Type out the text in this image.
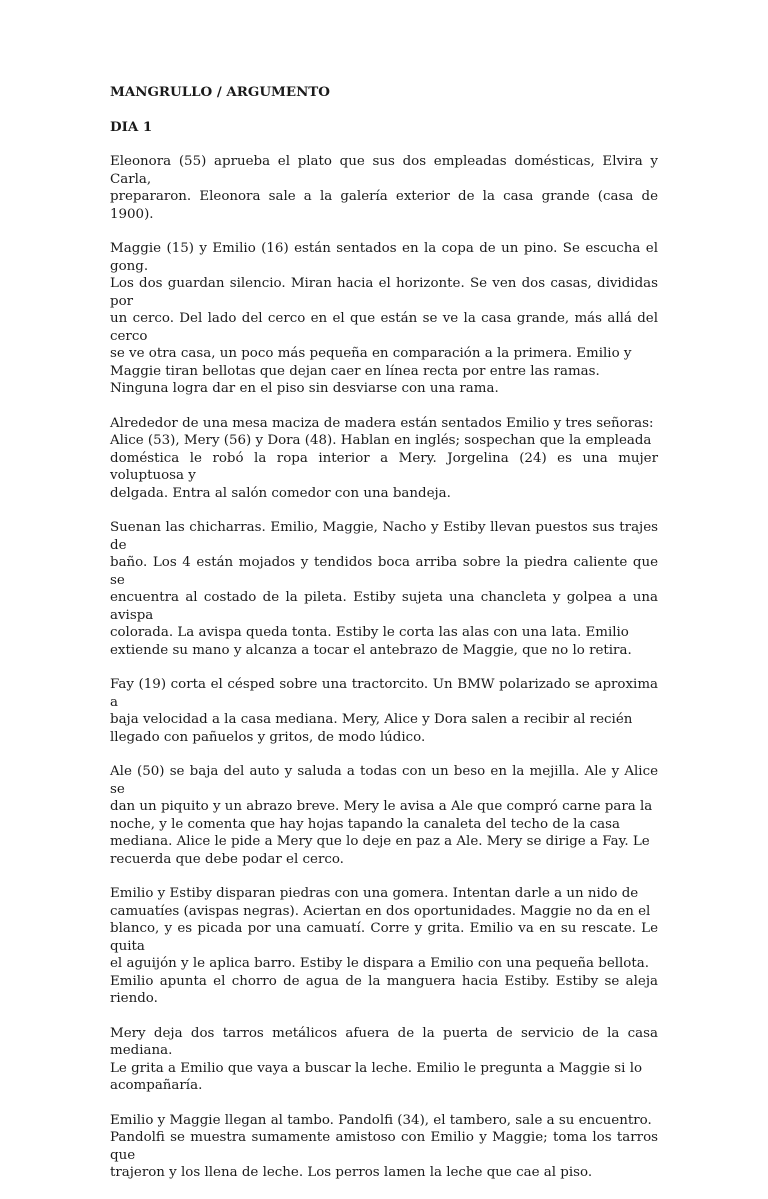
MANGRULLO / ARGUMENTO
DIA 1
Eleonora (55) aprueba el plato que sus dos empleadas domésticas, Elvira y Carla,
prepararon. Eleonora sale a la galería exterior de la casa grande (casa de 1900).
Maggie (15) y Emilio (16) están sentados en la copa de un pino. Se escucha el gong.
Los dos guardan silencio. Miran hacia el horizonte. Se ven dos casas, divididas por
un cerco. Del lado del cerco en el que están se ve la casa grande, más allá del cerco
se ve otra casa, un poco más pequeña en comparación a la primera. Emilio y
Maggie tiran bellotas que dejan caer en línea recta por entre las ramas.
Ninguna logra dar en el piso sin desviarse con una rama.
Alrededor de una mesa maciza de madera están sentados Emilio y tres señoras:
Alice (53), Mery (56) y Dora (48). Hablan en inglés; sospechan que la empleada
doméstica le robó la ropa interior a Mery. Jorgelina (24) es una mujer voluptuosa y
delgada. Entra al salón comedor con una bandeja.
Suenan las chicharras. Emilio, Maggie, Nacho y Estiby llevan puestos sus trajes de
baño. Los 4 están mojados y tendidos boca arriba sobre la piedra caliente que se
encuentra al costado de la pileta. Estiby sujeta una chancleta y golpea a una avispa
colorada. La avispa queda tonta. Estiby le corta las alas con una lata. Emilio
extiende su mano y alcanza a tocar el antebrazo de Maggie, que no lo retira.
Fay (19) corta el césped sobre una tractorcito. Un BMW polarizado se aproxima a
baja velocidad a la casa mediana. Mery, Alice y Dora salen a recibir al recién
llegado con pañuelos y gritos, de modo lúdico.
Ale (50) se baja del auto y saluda a todas con un beso en la mejilla. Ale y Alice se
dan un piquito y un abrazo breve. Mery le avisa a Ale que compró carne para la
noche, y le comenta que hay hojas tapando la canaleta del techo de la casa
mediana. Alice le pide a Mery que lo deje en paz a Ale. Mery se dirige a Fay. Le
recuerda que debe podar el cerco.
Emilio y Estiby disparan piedras con una gomera. Intentan darle a un nido de
camuatíes (avispas negras). Aciertan en dos oportunidades. Maggie no da en el
blanco, y es picada por una camuatí. Corre y grita. Emilio va en su rescate. Le quita
el aguijón y le aplica barro. Estiby le dispara a Emilio con una pequeña bellota.
Emilio apunta el chorro de agua de la manguera hacia Estiby. Estiby se aleja riendo.
Mery deja dos tarros metálicos afuera de la puerta de servicio de la casa mediana.
Le grita a Emilio que vaya a buscar la leche. Emilio le pregunta a Maggie si lo
acompañaría.
Emilio y Maggie llegan al tambo. Pandolfi (34), el tambero, sale a su encuentro.
Pandolfi se muestra sumamente amistoso con Emilio y Maggie; toma los tarros que
trajeron y los llena de leche. Los perros lamen la leche que cae al piso.
